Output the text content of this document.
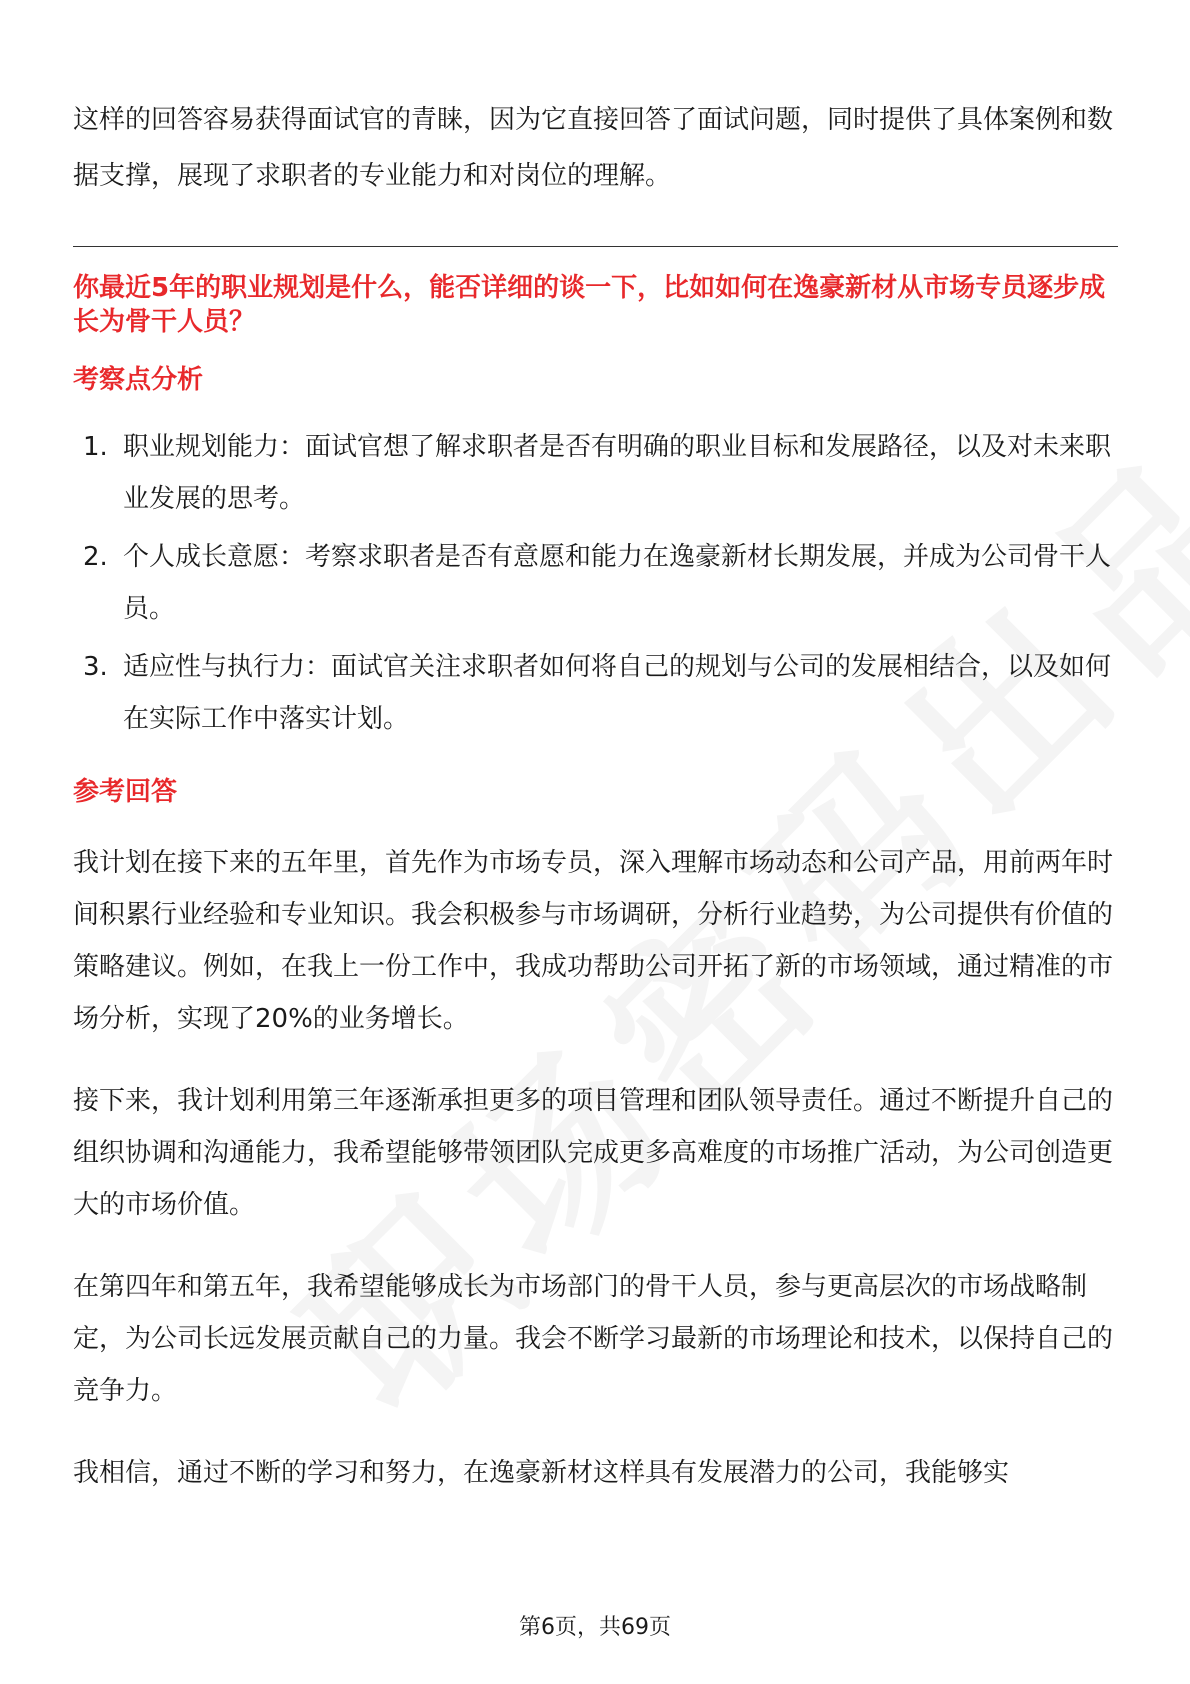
这样的回答容易获得面试官的青睐，因为它直接回答了面试问题，同时提供了具体案例和数据支撑，展现了求职者的专业能力和对岗位的理解。

你最近5年的职业规划是什么，能否详细的谈一下，比如如何在逸豪新材从市场专员逐步成长为骨干人员？

考察点分析
1. 职业规划能力：面试官想了解求职者是否有明确的职业目标和发展路径，以及对未来职业发展的思考。
2. 个人成长意愿：考察求职者是否有意愿和能力在逸豪新材长期发展，并成为公司骨干人员。
3. 适应性与执行力：面试官关注求职者如何将自己的规划与公司的发展相结合，以及如何在实际工作中落实计划。
参考回答

我计划在接下来的五年里，首先作为市场专员，深入理解市场动态和公司产品，用前两年时间积累行业经验和专业知识。我会积极参与市场调研，分析行业趋势，为公司提供有价值的策略建议。例如，在我上一份工作中，我成功帮助公司开拓了新的市场领域，通过精准的市场分析，实现了20%的业务增长。

接下来，我计划利用第三年逐渐承担更多的项目管理和团队领导责任。通过不断提升自己的组织协调和沟通能力，我希望能够带领团队完成更多高难度的市场推广活动，为公司创造更大的市场价值。

在第四年和第五年，我希望能够成长为市场部门的骨干人员，参与更高层次的市场战略制定，为公司长远发展贡献自己的力量。我会不断学习最新的市场理论和技术，以保持自己的竞争力。

我相信，通过不断的学习和努力，在逸豪新材这样具有发展潜力的公司，我能够实

第6页，共69页
